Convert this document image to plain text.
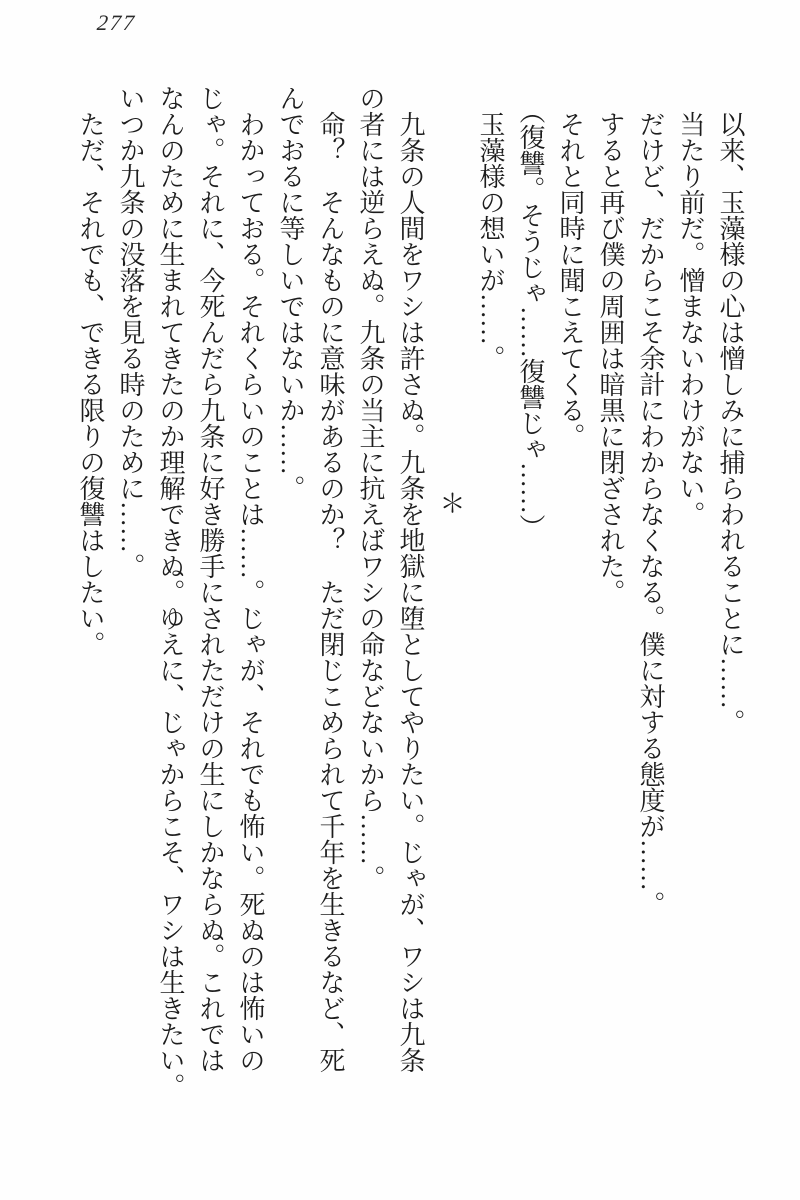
277
　以来、玉藻様の心は憎しみに捕らわれることに……。
　当たり前だ。憎まないわけがない。
　だけど、だからこそ余計にわからなくなる。僕に対する態度が……。
　すると再び僕の周囲は暗黒に閉ざされた。
　それと同時に聞こえてくる。
　（復讐。そうじゃ……復讐じゃ……）
　玉藻様の想いが……。
＊
　九条の人間をワシは許さぬ。九条を地獄に堕としてやりたい。じゃが、ワシは九条
の者には逆らえぬ。九条の当主に抗えばワシの命などないから……。
　命？　そんなものに意味があるのか？　ただ閉じこめられて千年を生きるなど、死
んでおるに等しいではないか……。
　わかっておる。それくらいのことは……。じゃが、それでも怖い。死ぬのは怖いの
じゃ。それに、今死んだら九条に好き勝手にされただけの生にしかならぬ。これでは
なんのために生まれてきたのか理解できぬ。ゆえに、じゃからこそ、ワシは生きたい。
いつか九条の没落を見る時のために……。
　ただ、それでも、できる限りの復讐はしたい。
